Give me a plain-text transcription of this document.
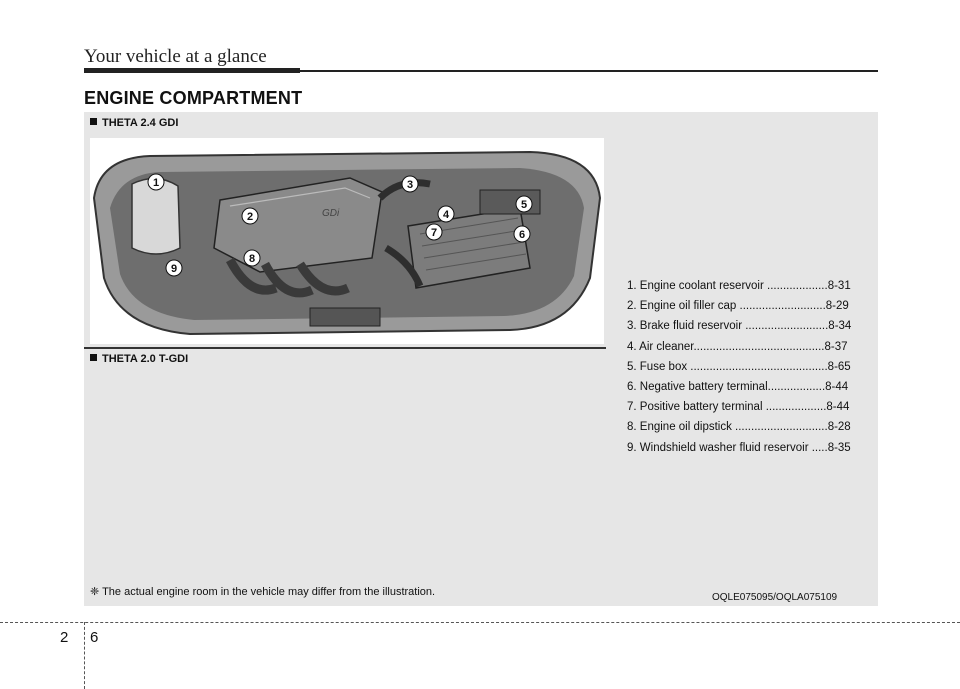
Your vehicle at a glance
ENGINE COMPARTMENT
THETA 2.4 GDI
GDi
1
2
3
4
5
6
7
8
9
THETA 2.0 T-GDI
1. Engine coolant reservoir ...................8-31
2. Engine oil filler cap ...........................8-29
3. Brake fluid reservoir ..........................8-34
4. Air cleaner.........................................8-37
5. Fuse box ...........................................8-65
6. Negative battery terminal..................8-44
7. Positive battery terminal ...................8-44
8. Engine oil dipstick .............................8-28
9. Windshield washer fluid reservoir .....8-35
❈ The actual engine room in the vehicle may differ from the illustration.	OQLE075095/OQLA075109
2 6
